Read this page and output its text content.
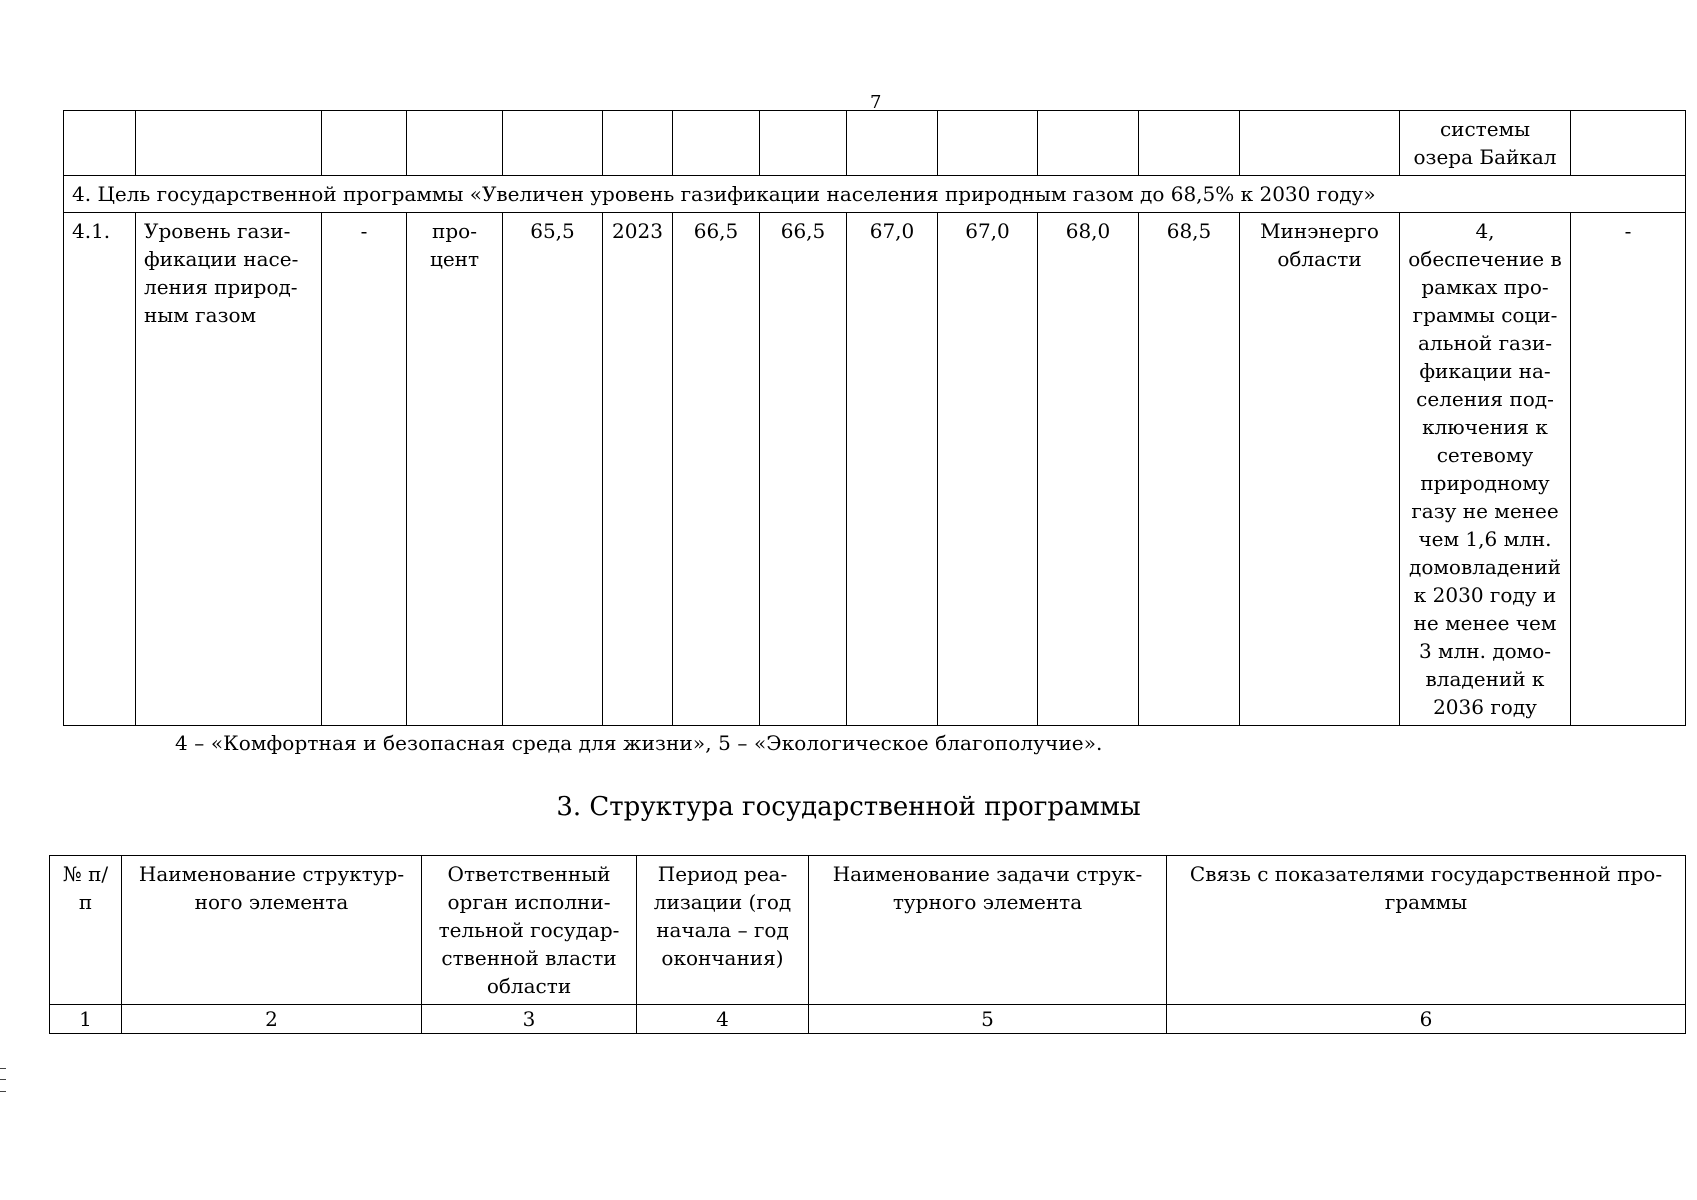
7
													системы озера Байкал	
4. Цель государственной программы «Увеличен уровень газификации населения природным газом до 68,5% к 2030 году»														
4.1.	Уровень гази-фикации насе-ления природ-ным газом	-	про-цент	65,5	2023	66,5	66,5	67,0	67,0	68,0	68,5	Минэнерго области	4, обеспечение в рамках про-граммы соци-альной гази-фикации на-селения под-ключения к сетевому природному газу не менее чем 1,6 млн. домовладений к 2030 году и не менее чем 3 млн. домо-владений к 2036 году	-
4 – «Комфортная и безопасная среда для жизни», 5 – «Экологическое благополучие».
3. Структура государственной программы
№ п/п	Наименование структур-ного элемента	Ответственный орган исполни-тельной государ-ственной власти области	Период реа-лизации (год начала – год окончания)	Наименование задачи струк-турного элемента	Связь с показателями государственной про-граммы
1	2	3	4	5	6
